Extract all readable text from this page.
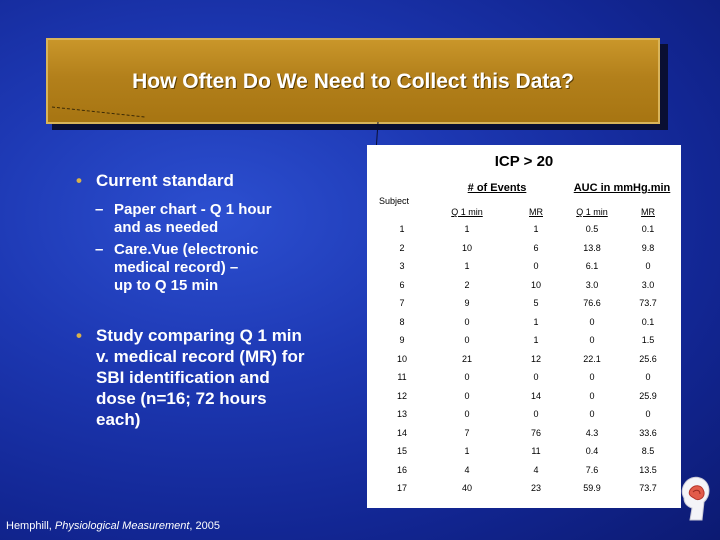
How Often Do We Need to Collect this Data?
• Current standard
– Paper chart - Q 1 hour
and as needed
– Care.Vue (electronic
medical record) –
up to Q 15 min
• Study comparing Q 1 min
v. medical record (MR) for
SBI identification and
dose (n=16; 72 hours
each)
Hemphill, Physiological Measurement, 2005
ICP > 20
# of Events	AUC in mmHg.min
Subject
Q 1 min	MR	Q 1 min	MR
1	1	1	0.5	0.1
2	10	6	13.8	9.8
3	1	0	6.1	0
6	2	10	3.0	3.0
7	9	5	76.6	73.7
8	0	1	0	0.1
9	0	1	0	1.5
10	21	12	22.1	25.6
11	0	0	0	0
12	0	14	0	25.9
13	0	0	0	0
14	7	76	4.3	33.6
15	1	11	0.4	8.5
16	4	4	7.6	13.5
17	40	23	59.9	73.7
